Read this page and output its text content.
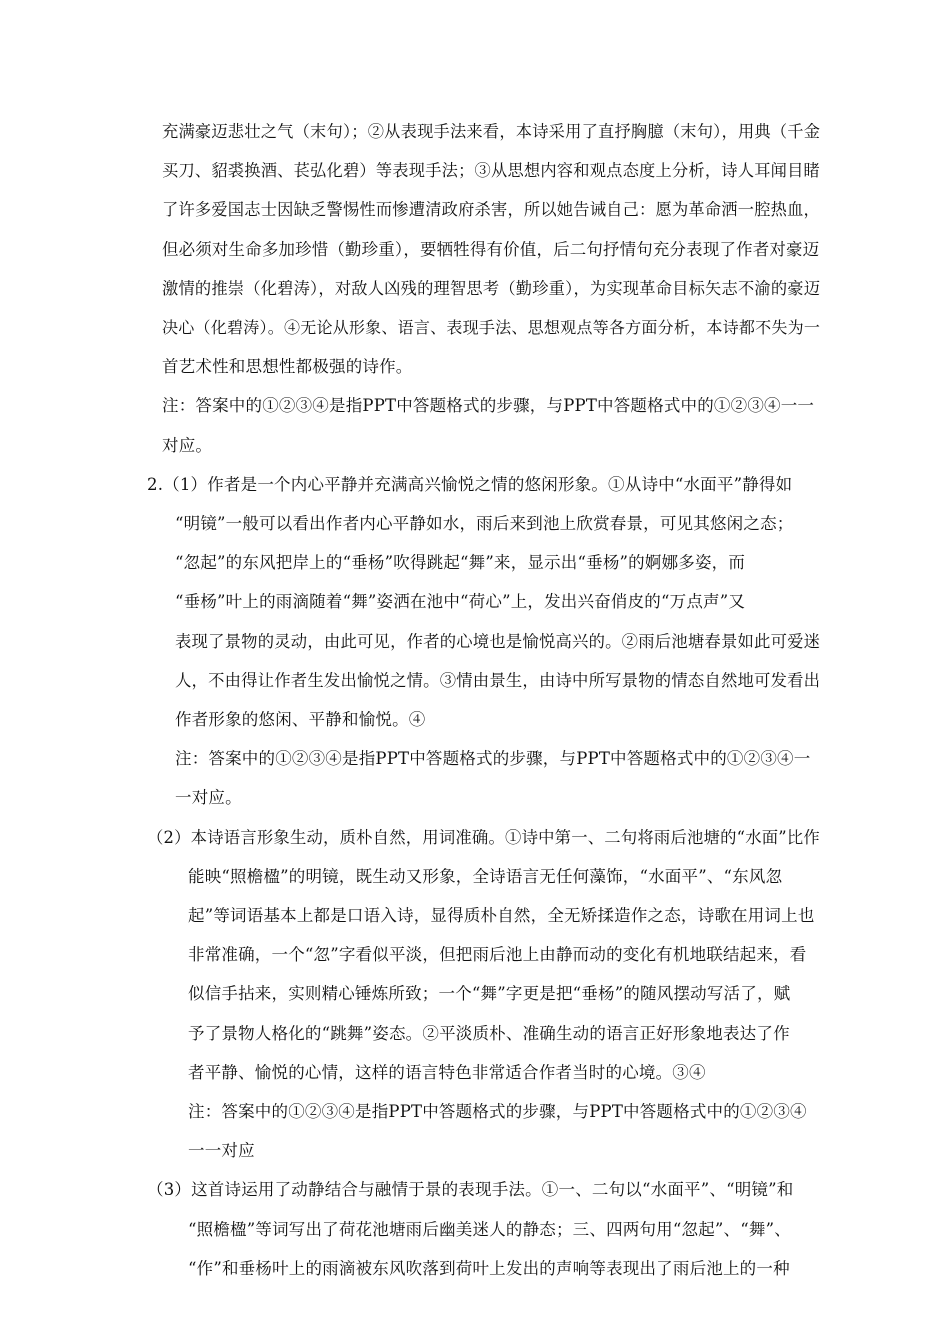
充满豪迈悲壮之气（末句）；②从表现手法来看，本诗采用了直抒胸臆（末句），用典（千金
买刀、貂裘换酒、苌弘化碧）等表现手法；③从思想内容和观点态度上分析，诗人耳闻目睹
了许多爱国志士因缺乏警惕性而惨遭清政府杀害，所以她告诫自己：愿为革命洒一腔热血，
但必须对生命多加珍惜（勤珍重），要牺牲得有价值，后二句抒情句充分表现了作者对豪迈
激情的推崇（化碧涛），对敌人凶残的理智思考（勤珍重），为实现革命目标矢志不渝的豪迈
决心（化碧涛）。④无论从形象、语言、表现手法、思想观点等各方面分析，本诗都不失为一
首艺术性和思想性都极强的诗作。
注：答案中的①②③④是指PPT中答题格式的步骤，与PPT中答题格式中的①②③④一一
对应。
2.（1）作者是一个内心平静并充满高兴愉悦之情的悠闲形象。①从诗中“水面平”静得如
“明镜”一般可以看出作者内心平静如水，雨后来到池上欣赏春景，可见其悠闲之态；
“忽起”的东风把岸上的“垂杨”吹得跳起“舞”来，显示出“垂杨”的婀娜多姿，而
“垂杨”叶上的雨滴随着“舞”姿洒在池中“荷心”上，发出兴奋俏皮的“万点声”又
表现了景物的灵动，由此可见，作者的心境也是愉悦高兴的。②雨后池塘春景如此可爱迷
人，不由得让作者生发出愉悦之情。③情由景生，由诗中所写景物的情态自然地可发看出
作者形象的悠闲、平静和愉悦。④
注：答案中的①②③④是指PPT中答题格式的步骤，与PPT中答题格式中的①②③④一
一对应。
（2）本诗语言形象生动，质朴自然，用词准确。①诗中第一、二句将雨后池塘的“水面”比作
能映“照檐楹”的明镜，既生动又形象，全诗语言无任何藻饰，“水面平”、“东风忽
起”等词语基本上都是口语入诗，显得质朴自然，全无矫揉造作之态，诗歌在用词上也
非常准确，一个“忽”字看似平淡，但把雨后池上由静而动的变化有机地联结起来，看
似信手拈来，实则精心锤炼所致；一个“舞”字更是把“垂杨”的随风摆动写活了，赋
予了景物人格化的“跳舞”姿态。②平淡质朴、准确生动的语言正好形象地表达了作
者平静、愉悦的心情，这样的语言特色非常适合作者当时的心境。③④
注：答案中的①②③④是指PPT中答题格式的步骤，与PPT中答题格式中的①②③④
一一对应
（3）这首诗运用了动静结合与融情于景的表现手法。①一、二句以“水面平”、“明镜”和
“照檐楹”等词写出了荷花池塘雨后幽美迷人的静态；三、四两句用“忽起”、“舞”、
“作”和垂杨叶上的雨滴被东风吹落到荷叶上发出的声响等表现出了雨后池上的一种
